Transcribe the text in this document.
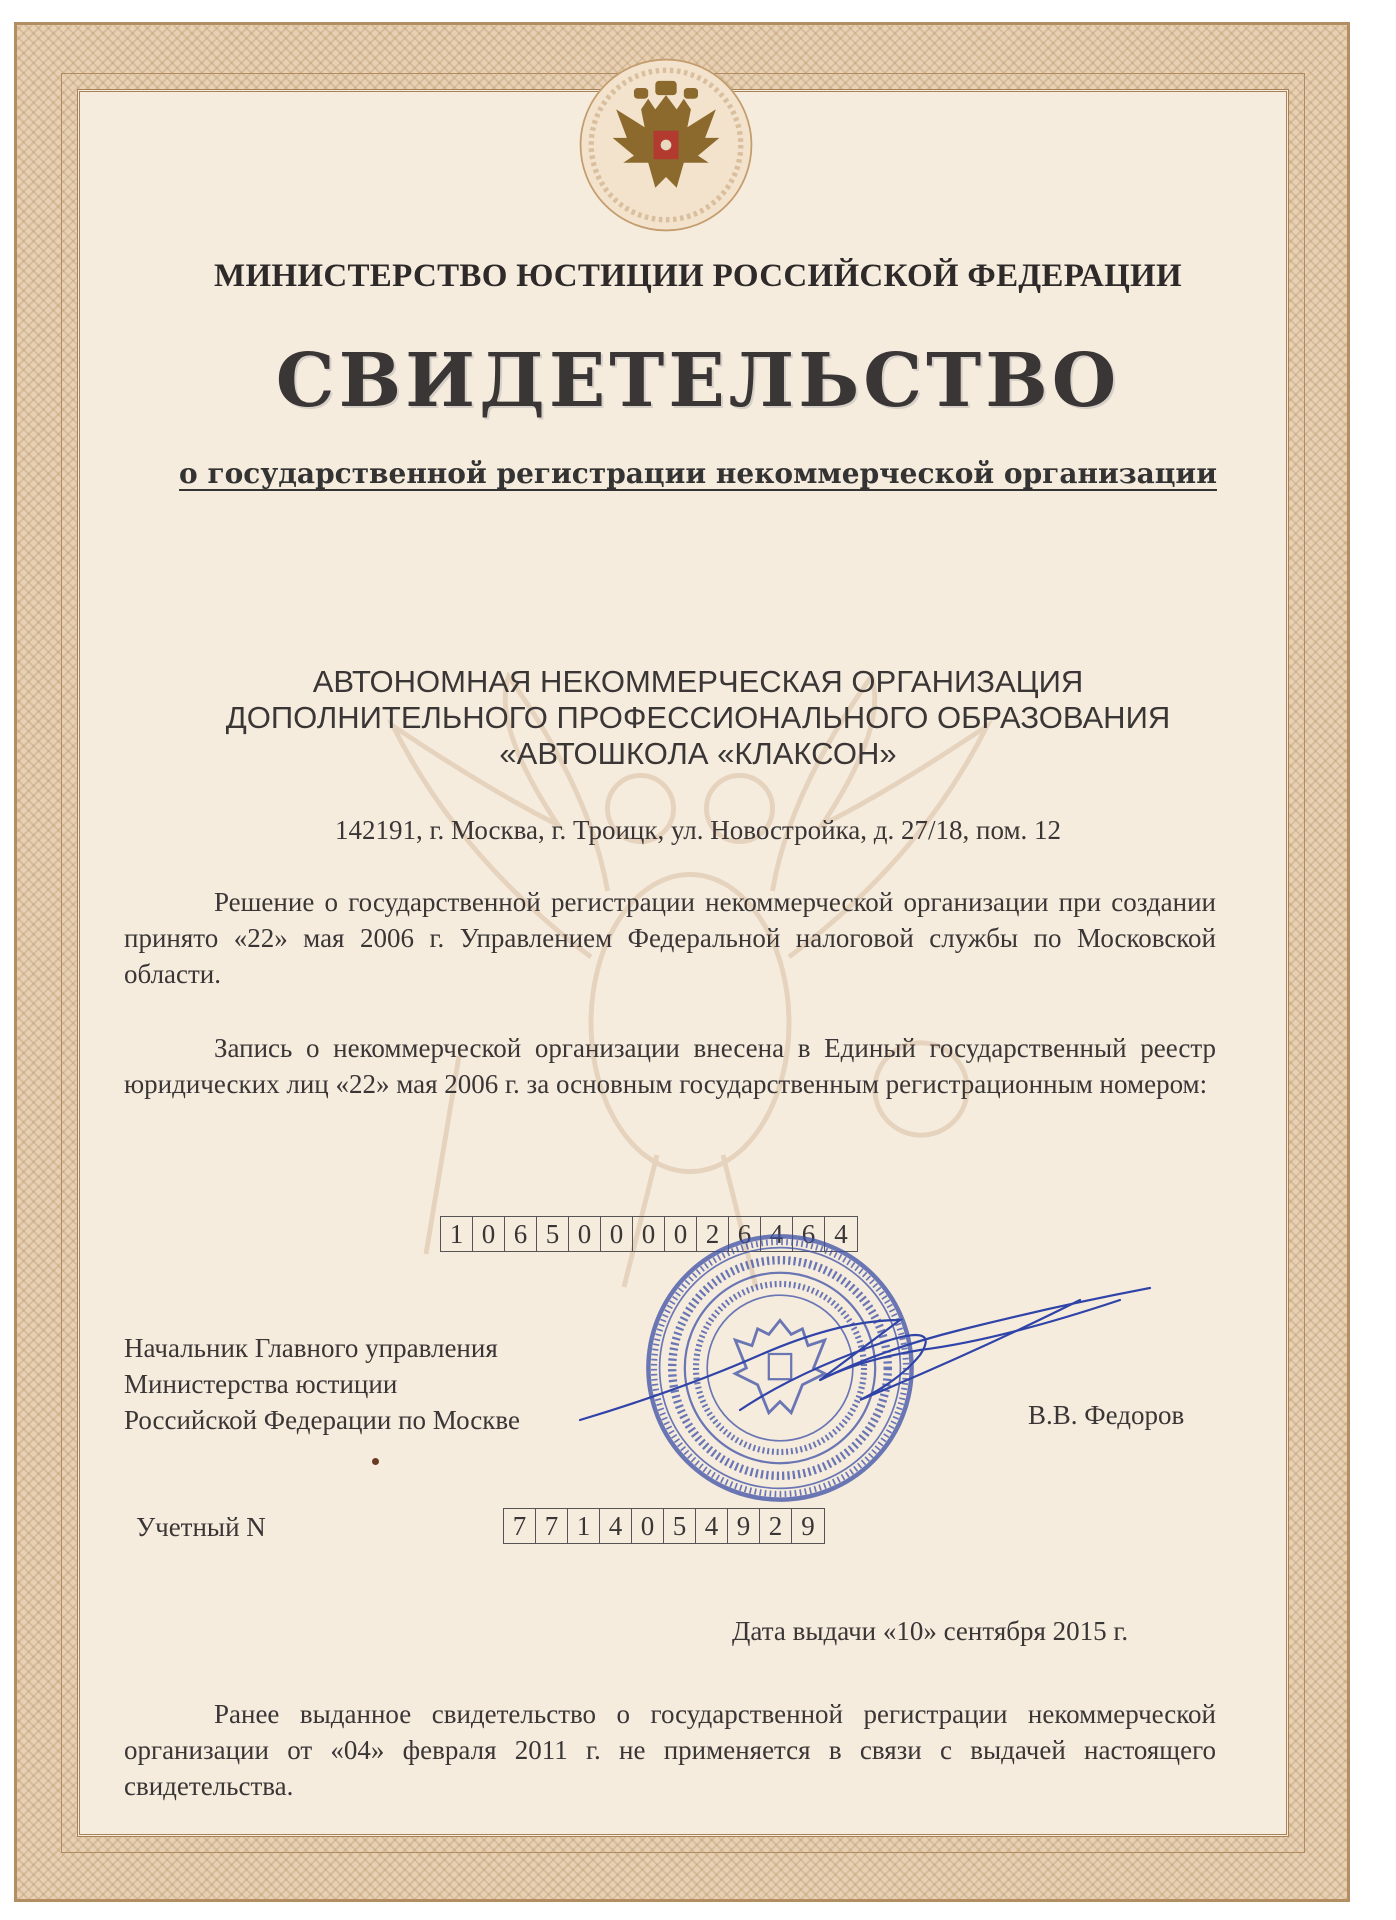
МИНИСТЕРСТВО ЮСТИЦИИ РОССИЙСКОЙ ФЕДЕРАЦИИ
СВИДЕТЕЛЬСТВО
о государственной регистрации некоммерческой организации
АВТОНОМНАЯ НЕКОММЕРЧЕСКАЯ ОРГАНИЗАЦИЯ
ДОПОЛНИТЕЛЬНОГО ПРОФЕССИОНАЛЬНОГО ОБРАЗОВАНИЯ
«АВТОШКОЛА «КЛАКСОН»
142191, г. Москва, г. Троицк, ул. Новостройка, д. 27/18, пом. 12
Решение о государственной регистрации некоммерческой организации при создании принято «22» мая 2006 г. Управлением Федеральной налоговой службы по Московской области.
Запись о некоммерческой организации внесена в Единый государственный реестр юридических лиц «22» мая 2006 г. за основным государственным регистрационным номером:
1 0 6 5 0 0 0 0 2 6 4 6 4
Начальник Главного управления
Министерства юстиции
Российской Федерации по Москве	В.В. Федоров
Учетный N	7 7 1 4 0 5 4 9 2 9
Дата выдачи «10» сентября 2015 г.
Ранее выданное свидетельство о государственной регистрации некоммерческой организации от «04» февраля 2011 г. не применяется в связи с выдачей настоящего свидетельства.
